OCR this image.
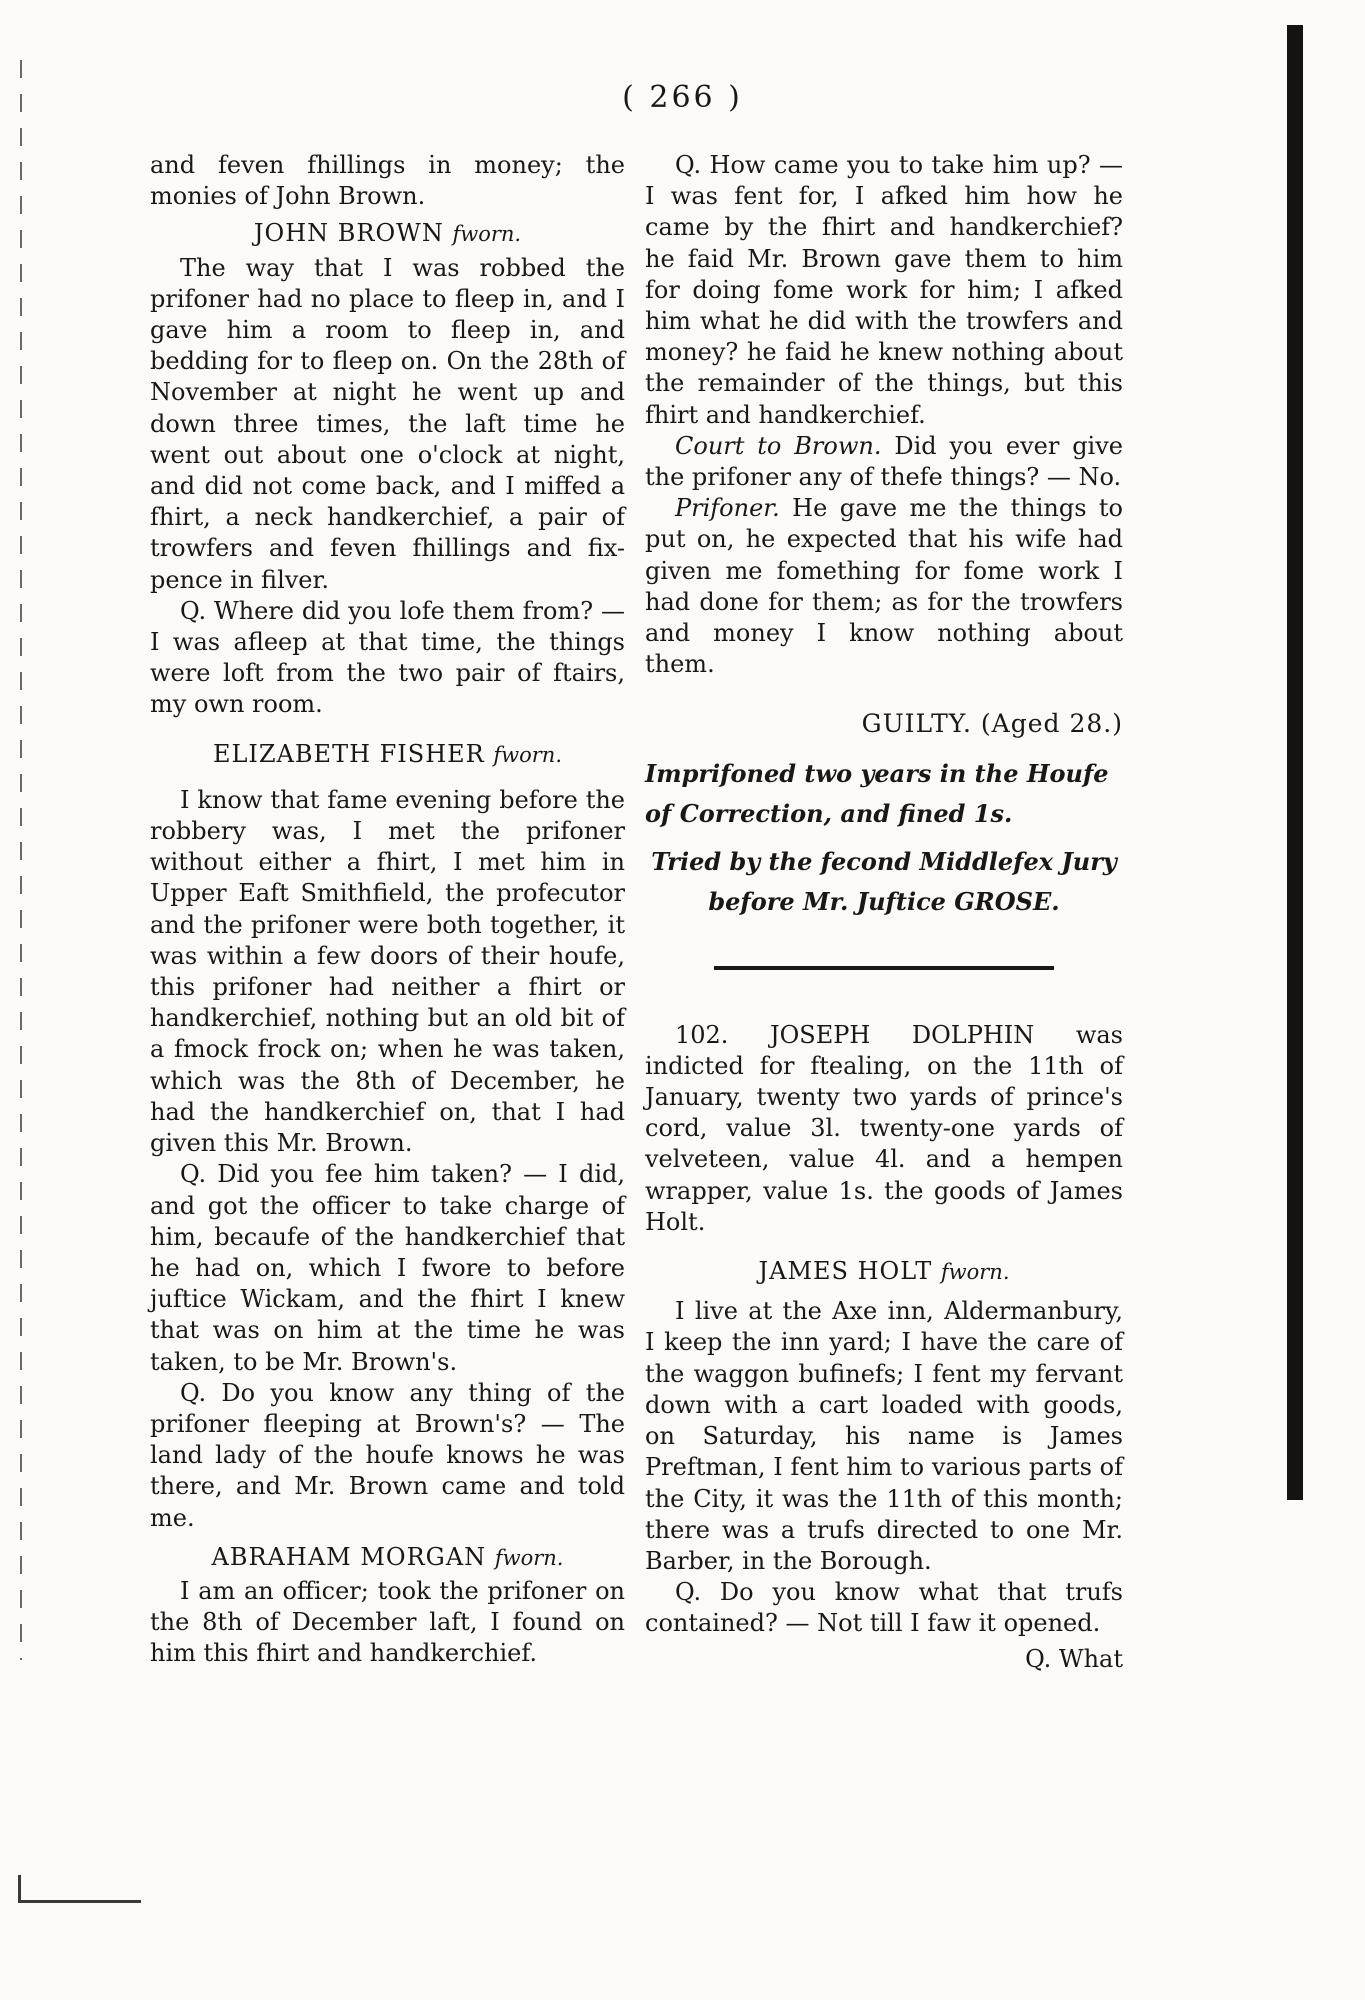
( 266 )

and feven fhillings in money; the monies of John Brown.

JOHN BROWN fworn.

The way that I was robbed the prifoner had no place to fleep in, and I gave him a room to fleep in, and bedding for to fleep on. On the 28th of November at night he went up and down three times, the laft time he went out about one o'clock at night, and did not come back, and I miffed a fhirt, a neck handkerchief, a pair of trowfers and feven fhillings and fix-pence in filver.

Q. Where did you lofe them from? — I was afleep at that time, the things were loft from the two pair of ftairs, my own room.

ELIZABETH FISHER fworn.

I know that fame evening before the robbery was, I met the prifoner without either a fhirt, I met him in Upper Eaft Smithfield, the profecutor and the prifoner were both together, it was within a few doors of their houfe, this prifoner had neither a fhirt or handkerchief, nothing but an old bit of a fmock frock on; when he was taken, which was the 8th of December, he had the handkerchief on, that I had given this Mr. Brown.

Q. Did you fee him taken? — I did, and got the officer to take charge of him, becaufe of the handkerchief that he had on, which I fwore to before juftice Wickam, and the fhirt I knew that was on him at the time he was taken, to be Mr. Brown's.

Q. Do you know any thing of the prifoner fleeping at Brown's? — The land lady of the houfe knows he was there, and Mr. Brown came and told me.

ABRAHAM MORGAN fworn.

I am an officer; took the prifoner on the 8th of December laft, I found on him this fhirt and handkerchief.

Q. How came you to take him up? — I was fent for, I afked him how he came by the fhirt and handkerchief? he faid Mr. Brown gave them to him for doing fome work for him; I afked him what he did with the trowfers and money? he faid he knew nothing about the remainder of the things, but this fhirt and handkerchief.

Court to Brown. Did you ever give the prifoner any of thefe things? — No.

Prifoner. He gave me the things to put on, he expected that his wife had given me fomething for fome work I had done for them; as for the trowfers and money I know nothing about them.

GUILTY. (Aged 28.)

Imprifoned two years in the Houfe of Correction, and fined 1s.

Tried by the fecond Middlefex Jury before Mr. Juftice GROSE.

102. JOSEPH DOLPHIN was indicted for ftealing, on the 11th of January, twenty two yards of prince's cord, value 3l. twenty-one yards of velveteen, value 4l. and a hempen wrapper, value 1s. the goods of James Holt.

JAMES HOLT fworn.

I live at the Axe inn, Aldermanbury, I keep the inn yard; I have the care of the waggon bufinefs; I fent my fervant down with a cart loaded with goods, on Saturday, his name is James Preftman, I fent him to various parts of the City, it was the 11th of this month; there was a trufs directed to one Mr. Barber, in the Borough.

Q. Do you know what that trufs contained? — Not till I faw it opened.

Q. What
